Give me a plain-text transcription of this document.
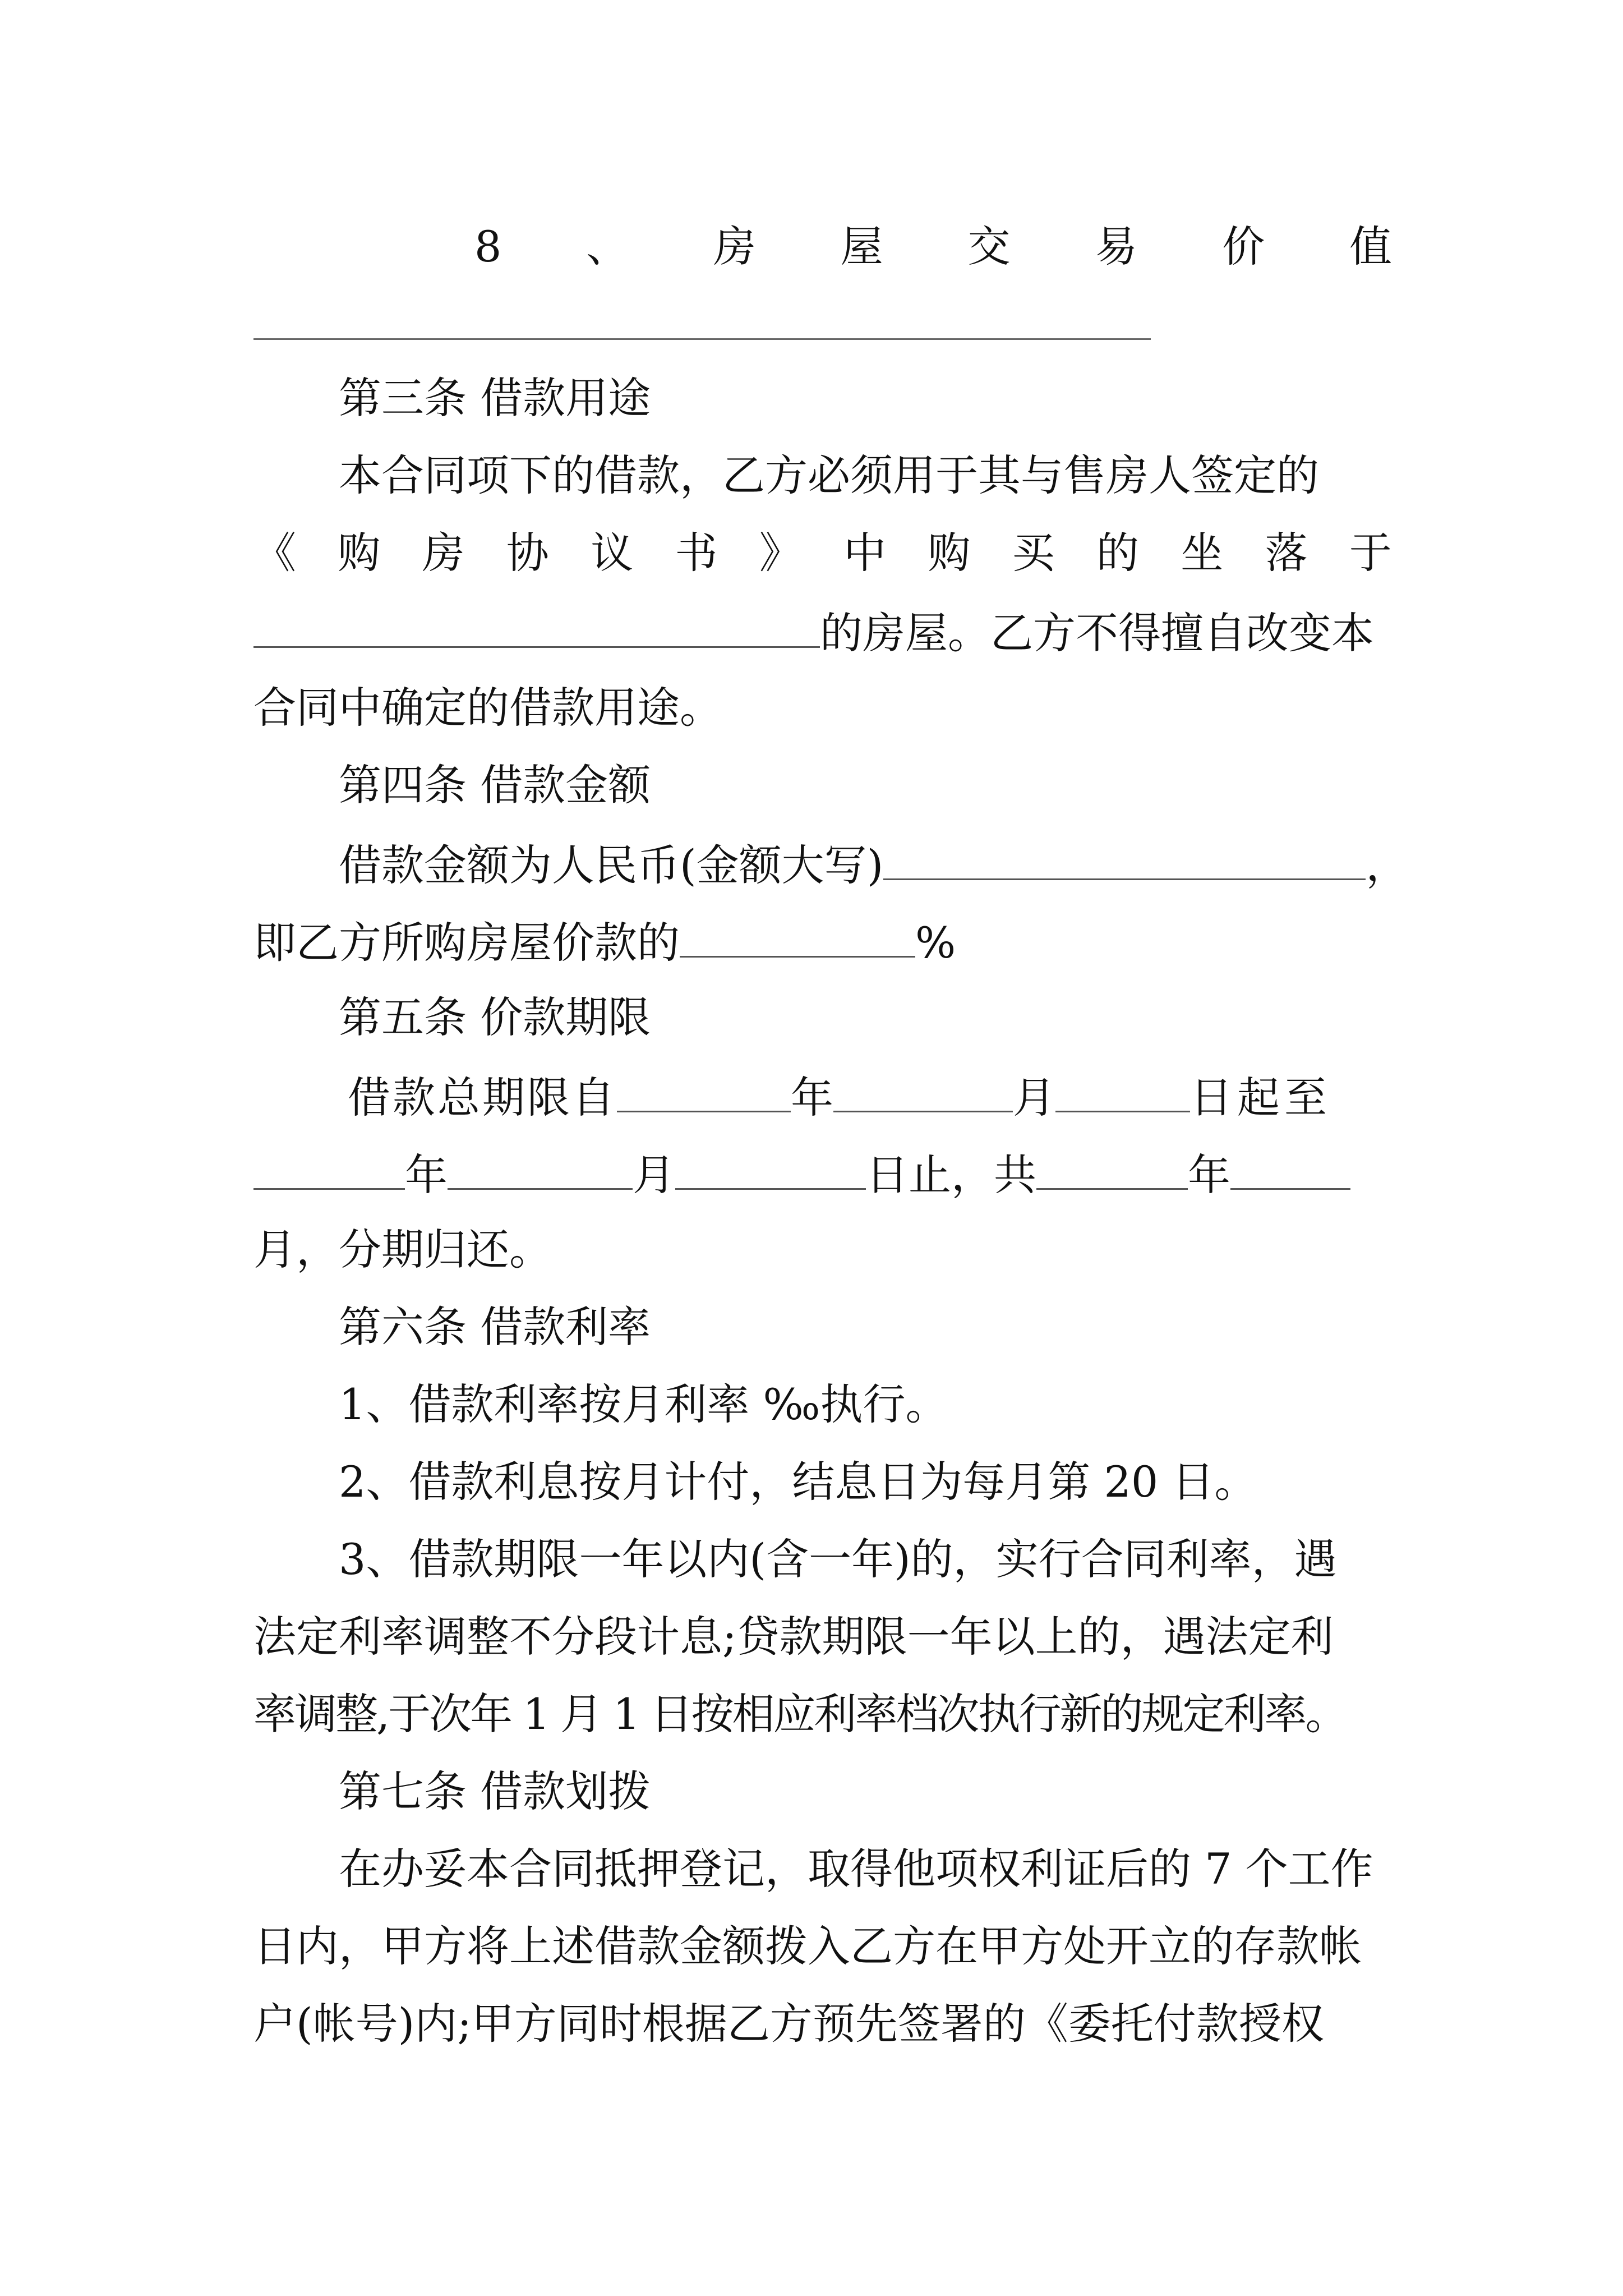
8 、 房 屋 交 易 价 值
第三条 借款用途
本合同项下的借款，乙方必须用于其与售房人签定的
《 购 房 协 议 书 》 中 购 买 的 坐 落 于
的房屋。乙方不得擅自改变本
合同中确定的借款用途。
第四条 借款金额
借款金额为人民币(金额大写)	，
即乙方所购房屋价款的	%
第五条 价款期限
借款总期限自	年	月	日起至
年	月	日止，共	年
月，分期归还。
第六条 借款利率
1、借款利率按月利率 ‰执行。
2、借款利息按月计付，结息日为每月第 20 日。
3、借款期限一年以内(含一年)的，实行合同利率，遇
法定利率调整不分段计息;贷款期限一年以上的，遇法定利
率调整,于次年 1 月 1 日按相应利率档次执行新的规定利率。
第七条 借款划拨
在办妥本合同抵押登记，取得他项权利证后的 7 个工作
日内，甲方将上述借款金额拨入乙方在甲方处开立的存款帐
户(帐号)内;甲方同时根据乙方预先签署的《委托付款授权
